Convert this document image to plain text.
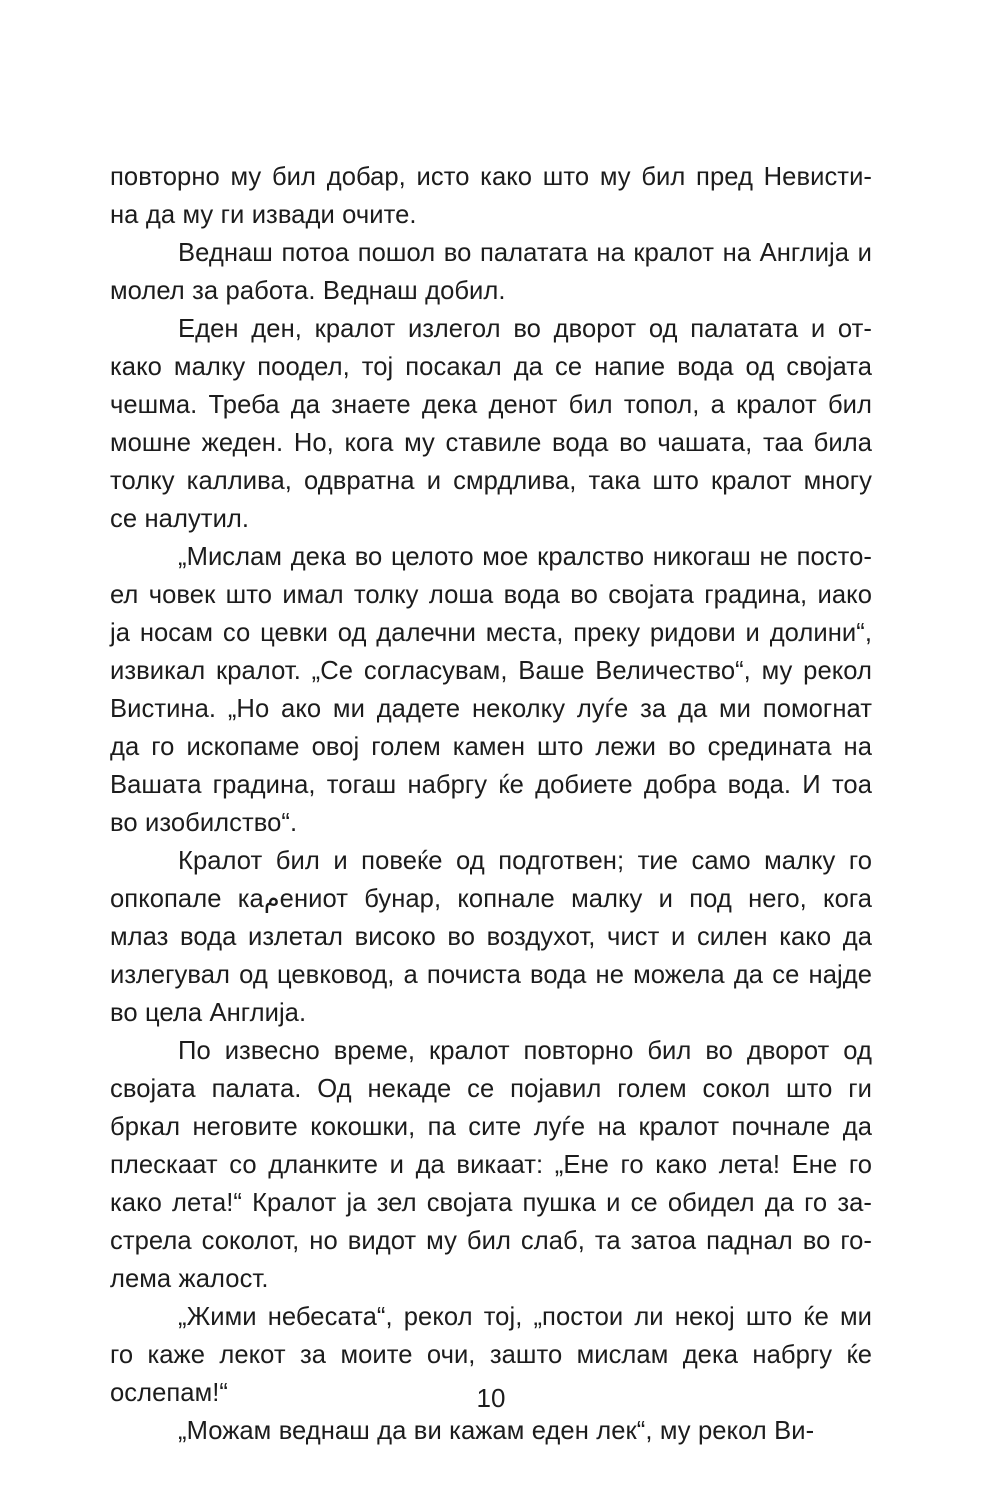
повторно му бил добар, исто како што му бил пред Невисти-
на да му ги извади очите.

Веднаш потоа пошол во палатата на кралот на Англија и
молел за работа. Веднаш добил.

Еден ден, кралот излегол во дворот од палатата и от-
како малку поодел, тој посакал да се напие вода од својата
чешма. Треба да знаете дека денот бил топол, а кралот бил
мошне жеден. Но, кога му ставиле вода во чашата, таа била
толку каллива, одвратна и смрдлива, така што кралот многу
се налутил.

„Мислам дека во целото мое кралство никогаш не посто-
ел човек што имал толку лоша вода во својата градина, иако
ја носам со цевки од далечни места, преку ридови и долини“,
извикал кралот. „Се согласувам, Ваше Величество“, му рекол
Вистина. „Но ако ми дадете неколку луѓе за да ми помогнат
да го ископаме овој голем камен што лежи во средината на
Вашата градина, тогаш набргу ќе добиете добра вода. И тоа
во изобилство“.

Кралот бил и повеќе од подготвен; тие само малку го
опкопале каمениот бунар, копнале малку и под него, кога
млаз вода излетал високо во воздухот, чист и силен како да
излегувал од цевковод, а почиста вода не можела да се најде
во цела Англија.

По извесно време, кралот повторно бил во дворот од
својата палата. Од некаде се појавил голем сокол што ги
бркал неговите кокошки, па сите луѓе на кралот почнале да
плескаат со дланките и да викаат: „Ене го како лета! Ене го
како лета!“ Кралот ја зел својата пушка и се обидел да го за-
стрела соколот, но видот му бил слаб, та затоа паднал во го-
лема жалост.

„Жими небесата“, рекол тој, „постои ли некој што ќе ми
го каже лекот за моите очи, зашто мислам дека набргу ќе
ослепам!“

„Можам веднаш да ви кажам еден лек“, му рекол Ви-

10
